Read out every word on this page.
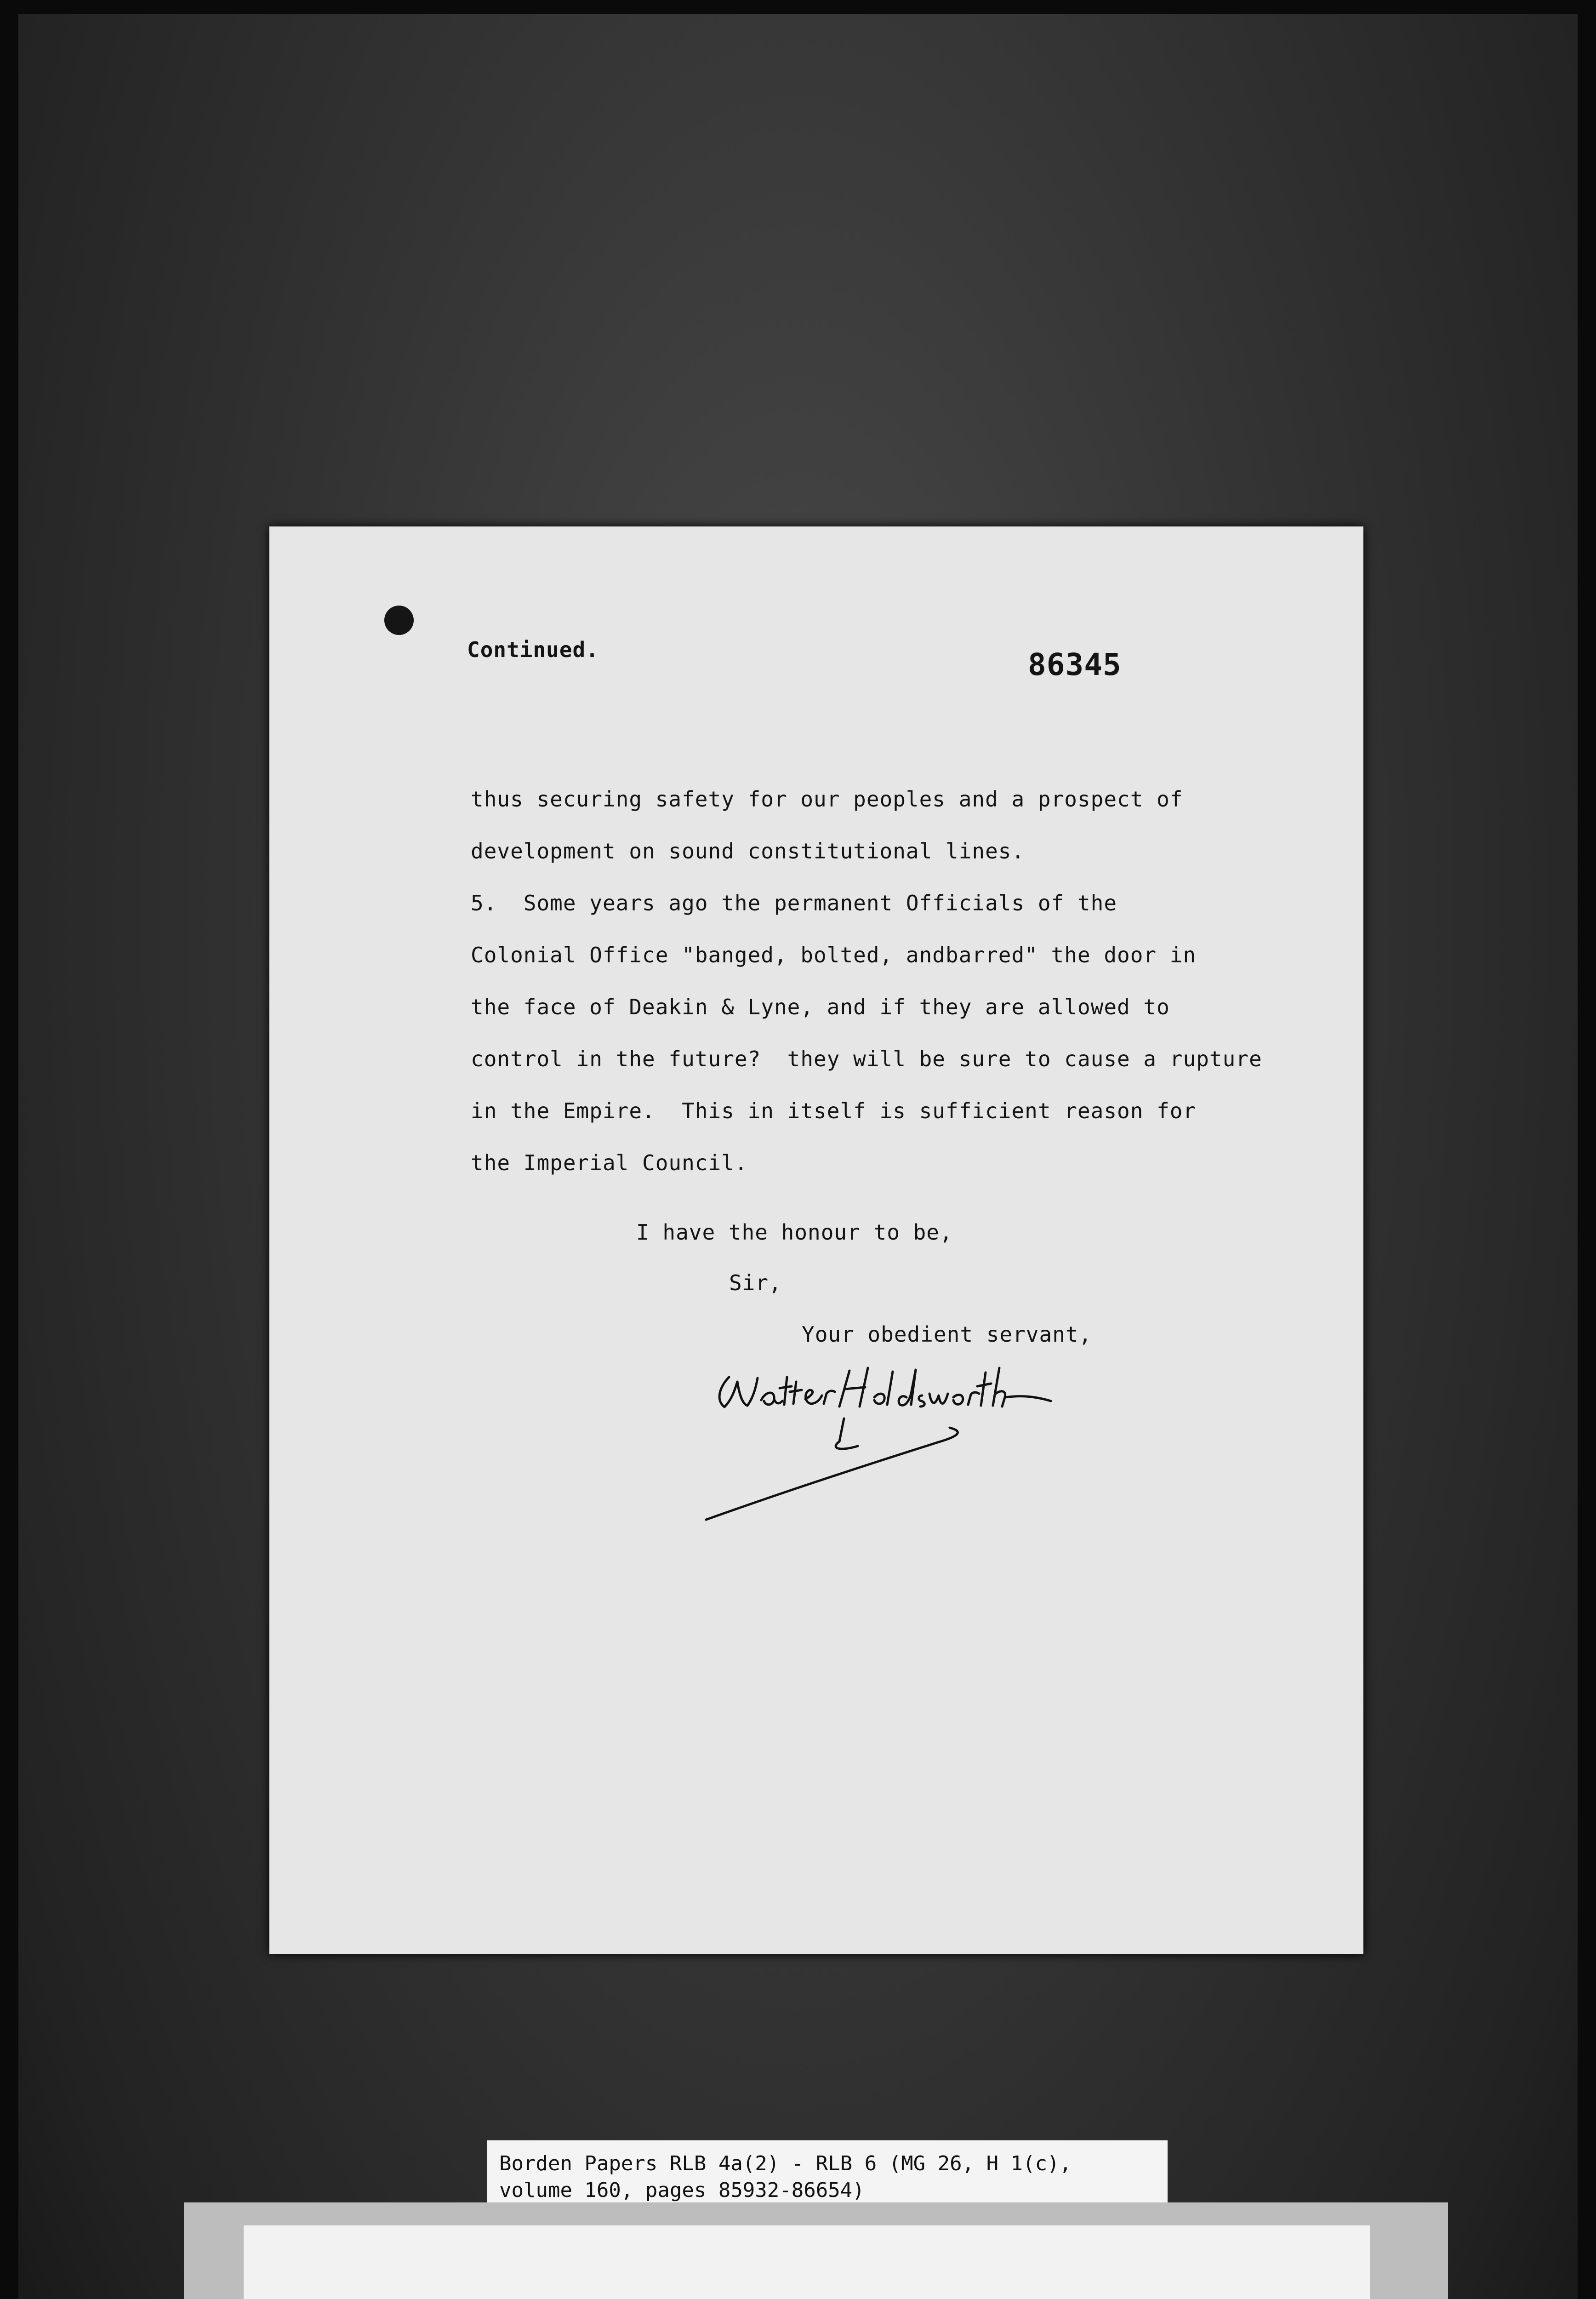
Continued.	86345
thus securing safety for our peoples and a prospect of
development on sound constitutional lines.
5.  Some years ago the permanent Officials of the
Colonial Office "banged, bolted, andbarred" the door in
the face of Deakin & Lyne, and if they are allowed to
control in the future?  they will be sure to cause a rupture
in the Empire.  This in itself is sufficient reason for
the Imperial Council.
I have the honour to be,
Sir,
Your obedient servant,
Borden Papers RLB 4a(2) - RLB 6 (MG 26, H 1(c),
volume 160, pages 85932-86654)
